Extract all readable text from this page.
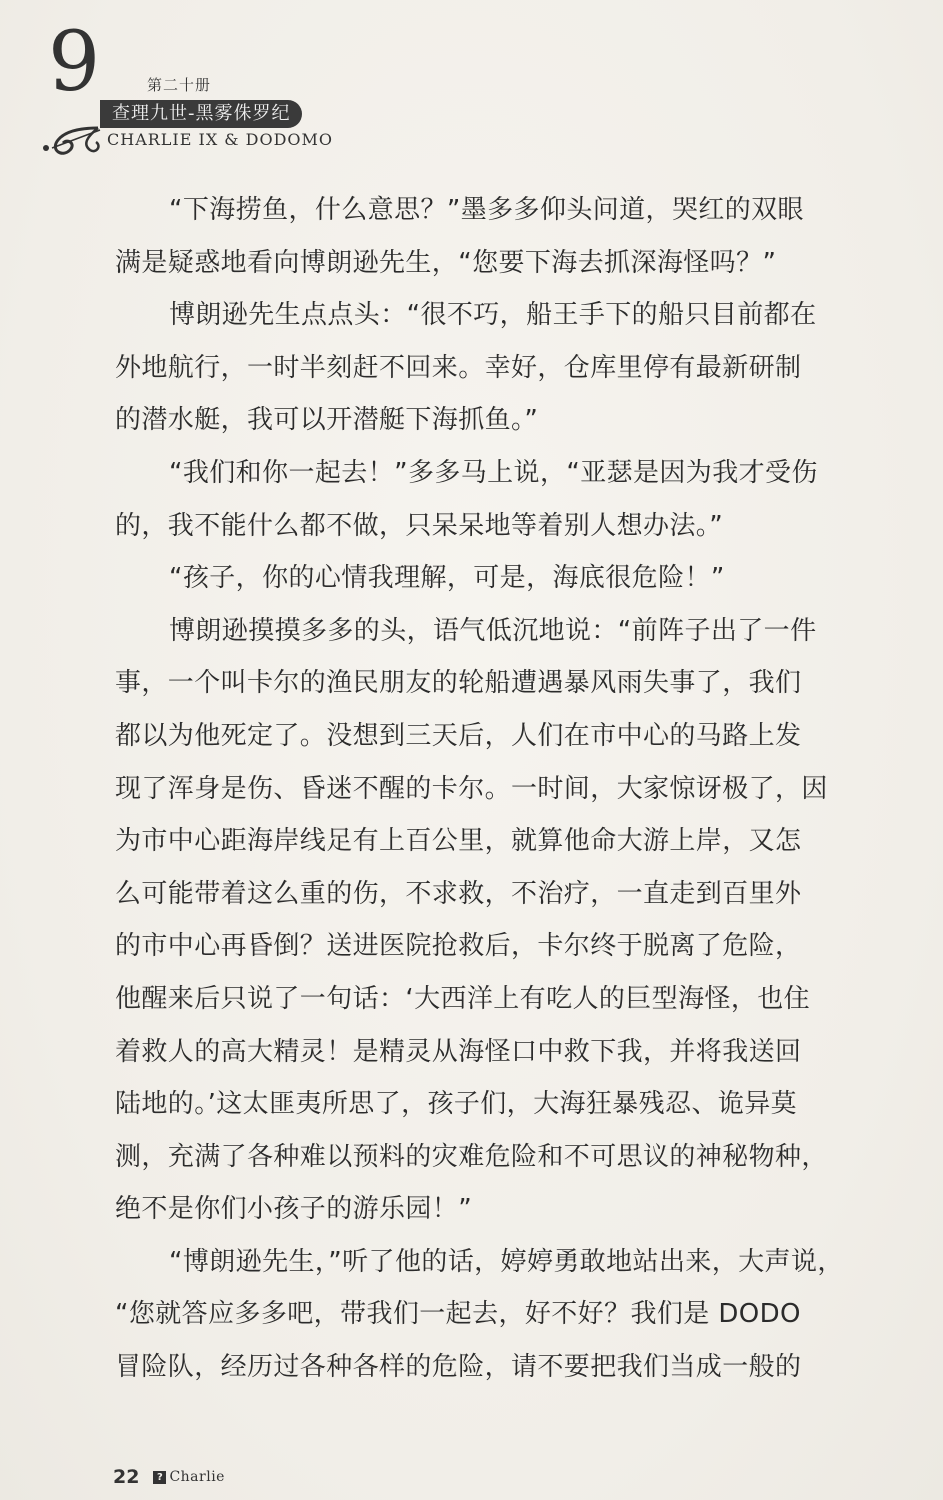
9	第二十册
查理九世-黑雾侏罗纪
CHARLIE IX & DODOMO
“下海捞鱼，什么意思？”墨多多仰头问道，哭红的双眼
满是疑惑地看向博朗逊先生，“您要下海去抓深海怪吗？”
博朗逊先生点点头：“很不巧，船王手下的船只目前都在
外地航行，一时半刻赶不回来。幸好，仓库里停有最新研制
的潜水艇，我可以开潜艇下海抓鱼。”
“我们和你一起去！”多多马上说，“亚瑟是因为我才受伤
的，我不能什么都不做，只呆呆地等着别人想办法。”
“孩子，你的心情我理解，可是，海底很危险！”
博朗逊摸摸多多的头，语气低沉地说：“前阵子出了一件
事，一个叫卡尔的渔民朋友的轮船遭遇暴风雨失事了，我们
都以为他死定了。没想到三天后，人们在市中心的马路上发
现了浑身是伤、昏迷不醒的卡尔。一时间，大家惊讶极了，因
为市中心距海岸线足有上百公里，就算他命大游上岸，又怎
么可能带着这么重的伤，不求救，不治疗，一直走到百里外
的市中心再昏倒？送进医院抢救后，卡尔终于脱离了危险，
他醒来后只说了一句话：‘大西洋上有吃人的巨型海怪，也住
着救人的高大精灵！是精灵从海怪口中救下我，并将我送回
陆地的。’这太匪夷所思了，孩子们，大海狂暴残忍、诡异莫
测，充满了各种难以预料的灾难危险和不可思议的神秘物种，
绝不是你们小孩子的游乐园！”
“博朗逊先生，”听了他的话，婷婷勇敢地站出来，大声说，
“您就答应多多吧，带我们一起去，好不好？我们是 DODO
冒险队，经历过各种各样的危险，请不要把我们当成一般的
22	? Charlie
